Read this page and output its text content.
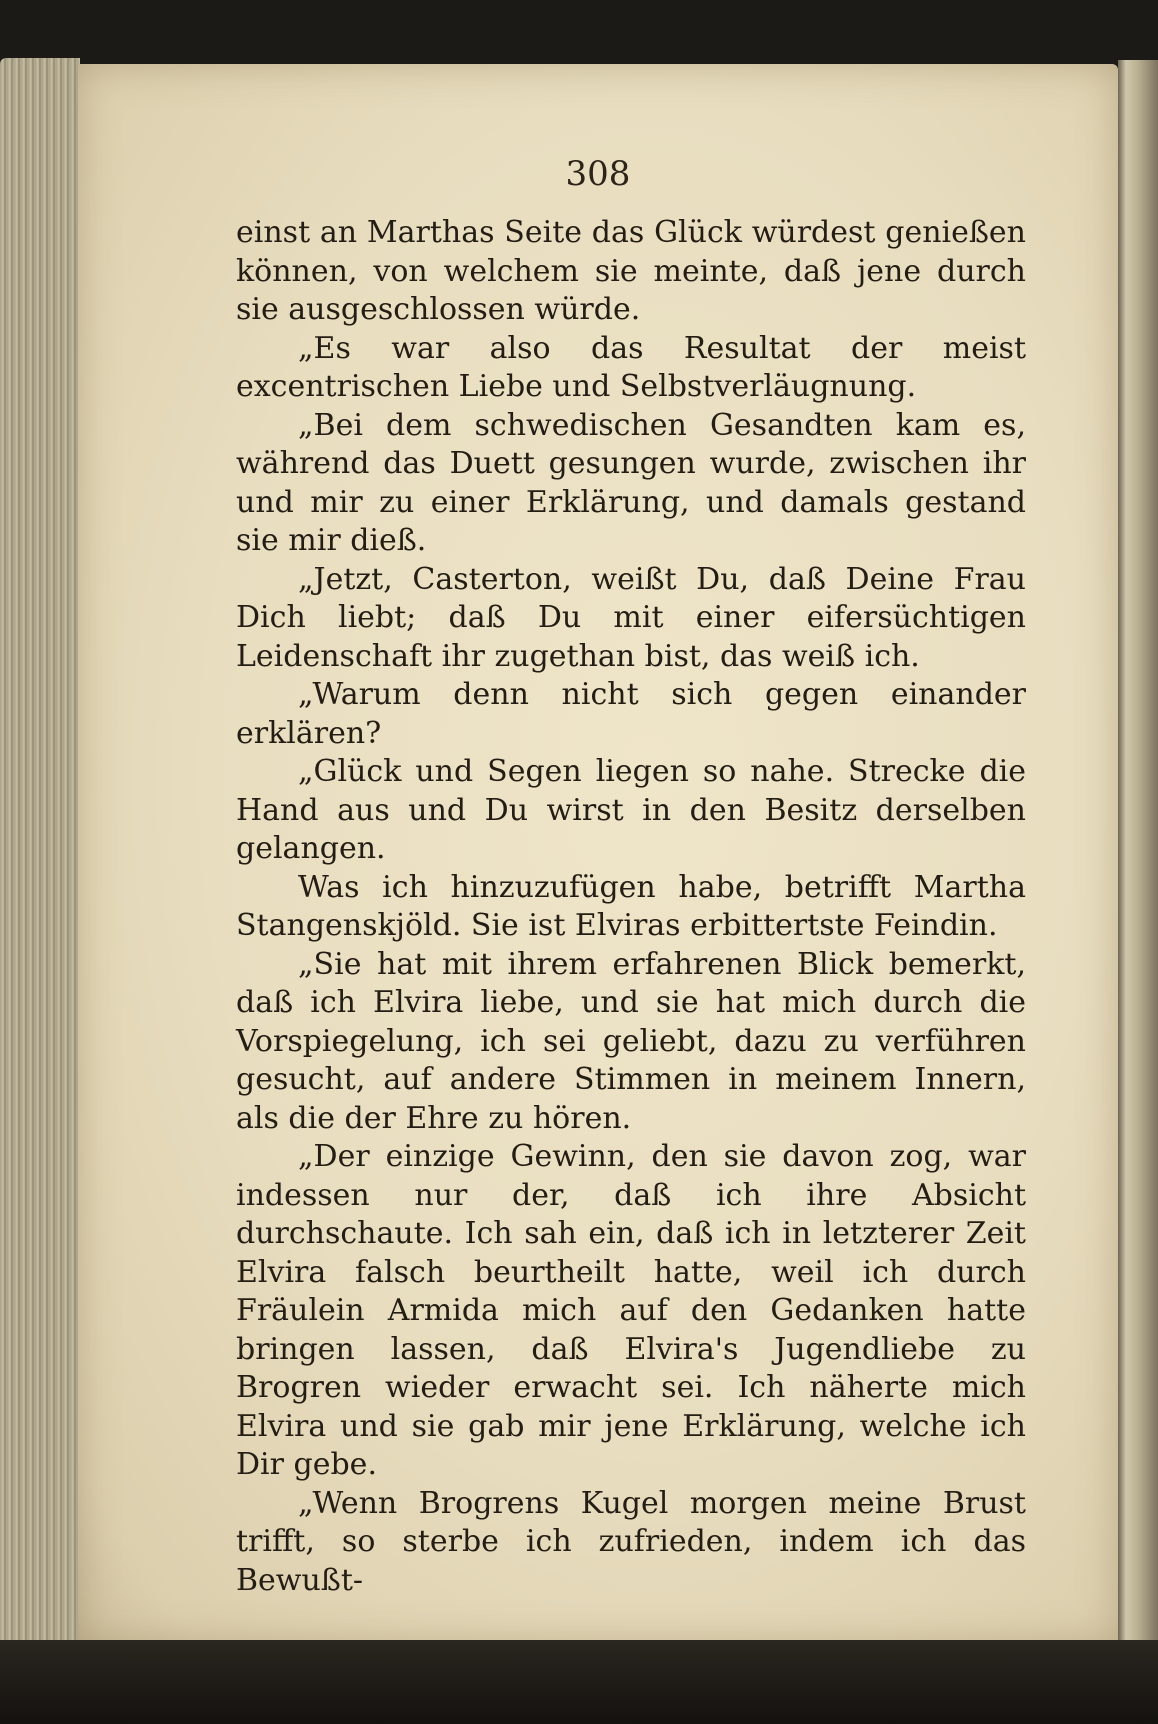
308

einst an Marthas Seite das Glück würdest genießen können, von welchem sie meinte, daß jene durch sie ausgeschlossen würde.

„Es war also das Resultat der meist excentrischen Liebe und Selbstverläugnung.

„Bei dem schwedischen Gesandten kam es, während das Duett gesungen wurde, zwischen ihr und mir zu einer Erklärung, und damals gestand sie mir dieß.

„Jetzt, Casterton, weißt Du, daß Deine Frau Dich liebt; daß Du mit einer eifersüchtigen Leidenschaft ihr zugethan bist, das weiß ich.

„Warum denn nicht sich gegen einander erklären?

„Glück und Segen liegen so nahe. Strecke die Hand aus und Du wirst in den Besitz derselben gelangen.

Was ich hinzuzufügen habe, betrifft Martha Stangenskjöld. Sie ist Elviras erbittertste Feindin.

„Sie hat mit ihrem erfahrenen Blick bemerkt, daß ich Elvira liebe, und sie hat mich durch die Vorspiegelung, ich sei geliebt, dazu zu verführen gesucht, auf andere Stimmen in meinem Innern, als die der Ehre zu hören.

„Der einzige Gewinn, den sie davon zog, war indessen nur der, daß ich ihre Absicht durchschaute. Ich sah ein, daß ich in letzterer Zeit Elvira falsch beurtheilt hatte, weil ich durch Fräulein Armida mich auf den Gedanken hatte bringen lassen, daß Elvira's Jugendliebe zu Brogren wieder erwacht sei. Ich näherte mich Elvira und sie gab mir jene Erklärung, welche ich Dir gebe.

„Wenn Brogrens Kugel morgen meine Brust trifft, so sterbe ich zufrieden, indem ich das Bewußt-
